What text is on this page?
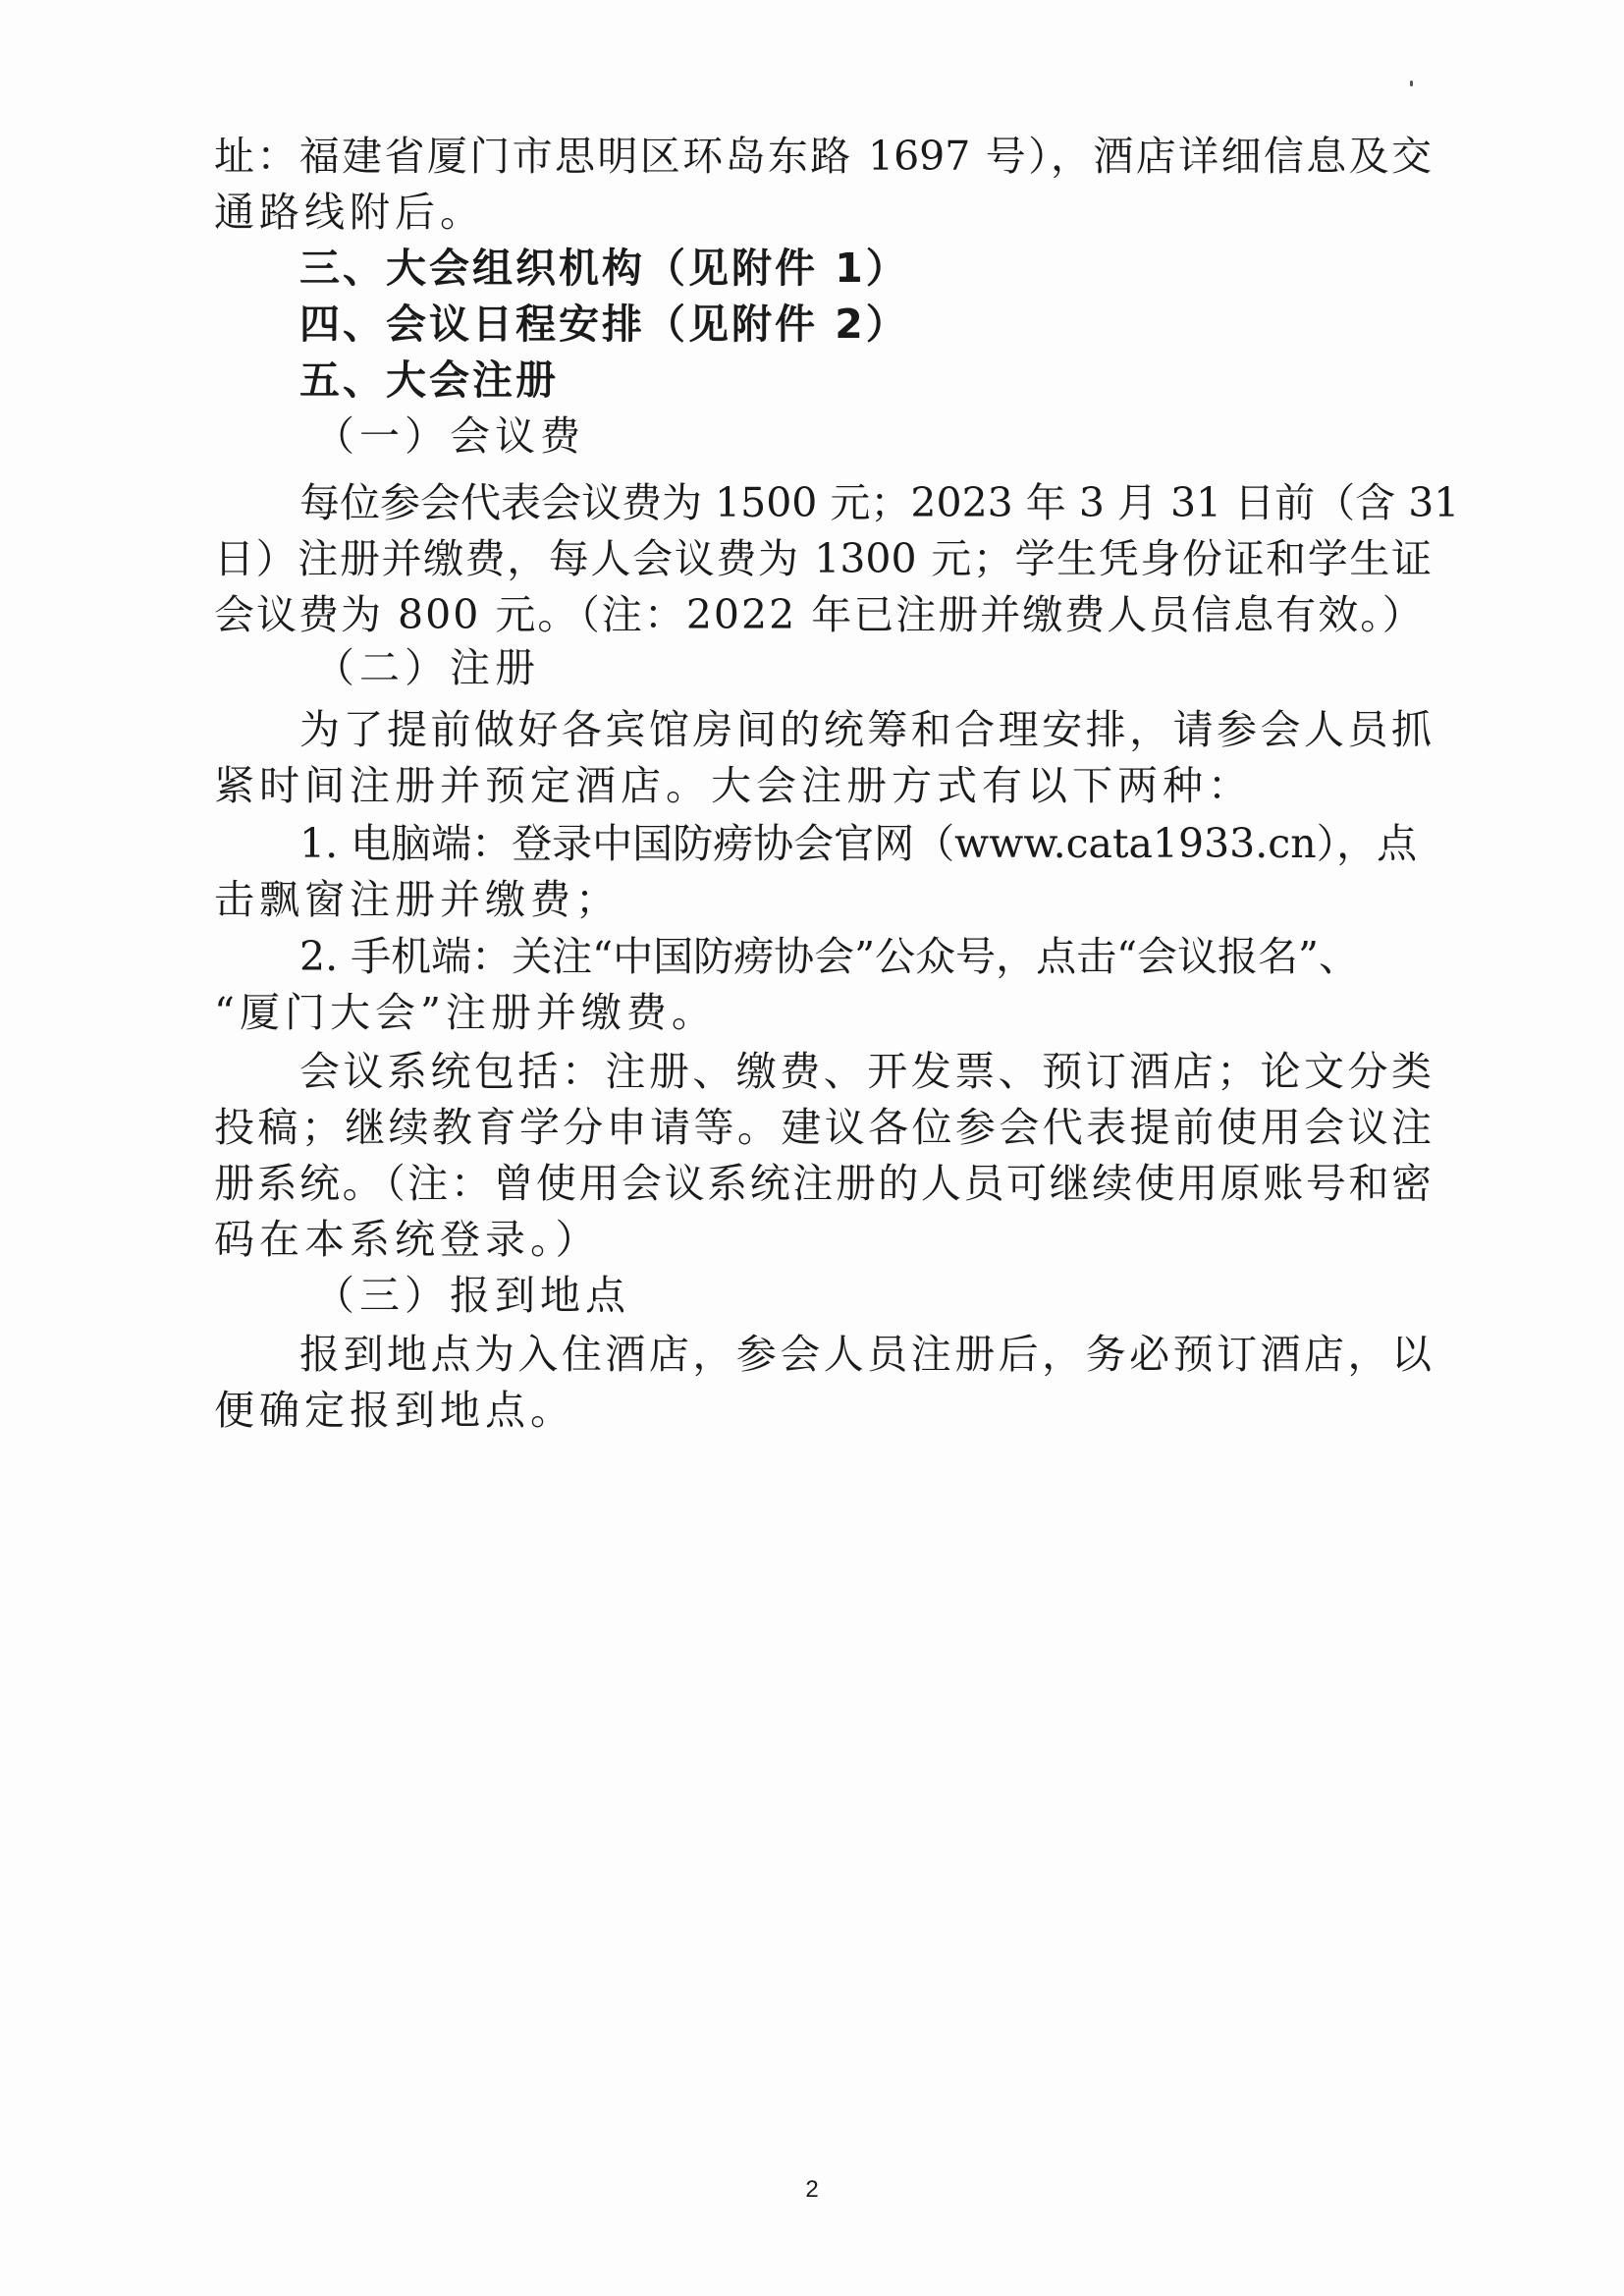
址：福建省厦门市思明区环岛东路 1697 号），酒店详细信息及交
通路线附后。
三、大会组织机构（见附件 1）
四、会议日程安排（见附件 2）
五、大会注册
（一）会议费
每位参会代表会议费为 1500 元；2023 年 3 月 31 日前（含 31
日）注册并缴费，每人会议费为 1300 元；学生凭身份证和学生证
会议费为 800 元。（注：2022 年已注册并缴费人员信息有效。）
（二）注册
为了提前做好各宾馆房间的统筹和合理安排，请参会人员抓
紧时间注册并预定酒店。大会注册方式有以下两种：
1. 电脑端：登录中国防痨协会官网（www.cata1933.cn），点
击飘窗注册并缴费；
2. 手机端：关注“中国防痨协会”公众号，点击“会议报名”、
“厦门大会”注册并缴费。
会议系统包括：注册、缴费、开发票、预订酒店；论文分类
投稿；继续教育学分申请等。建议各位参会代表提前使用会议注
册系统。（注：曾使用会议系统注册的人员可继续使用原账号和密
码在本系统登录。）
（三）报到地点
报到地点为入住酒店，参会人员注册后，务必预订酒店，以
便确定报到地点。
2
